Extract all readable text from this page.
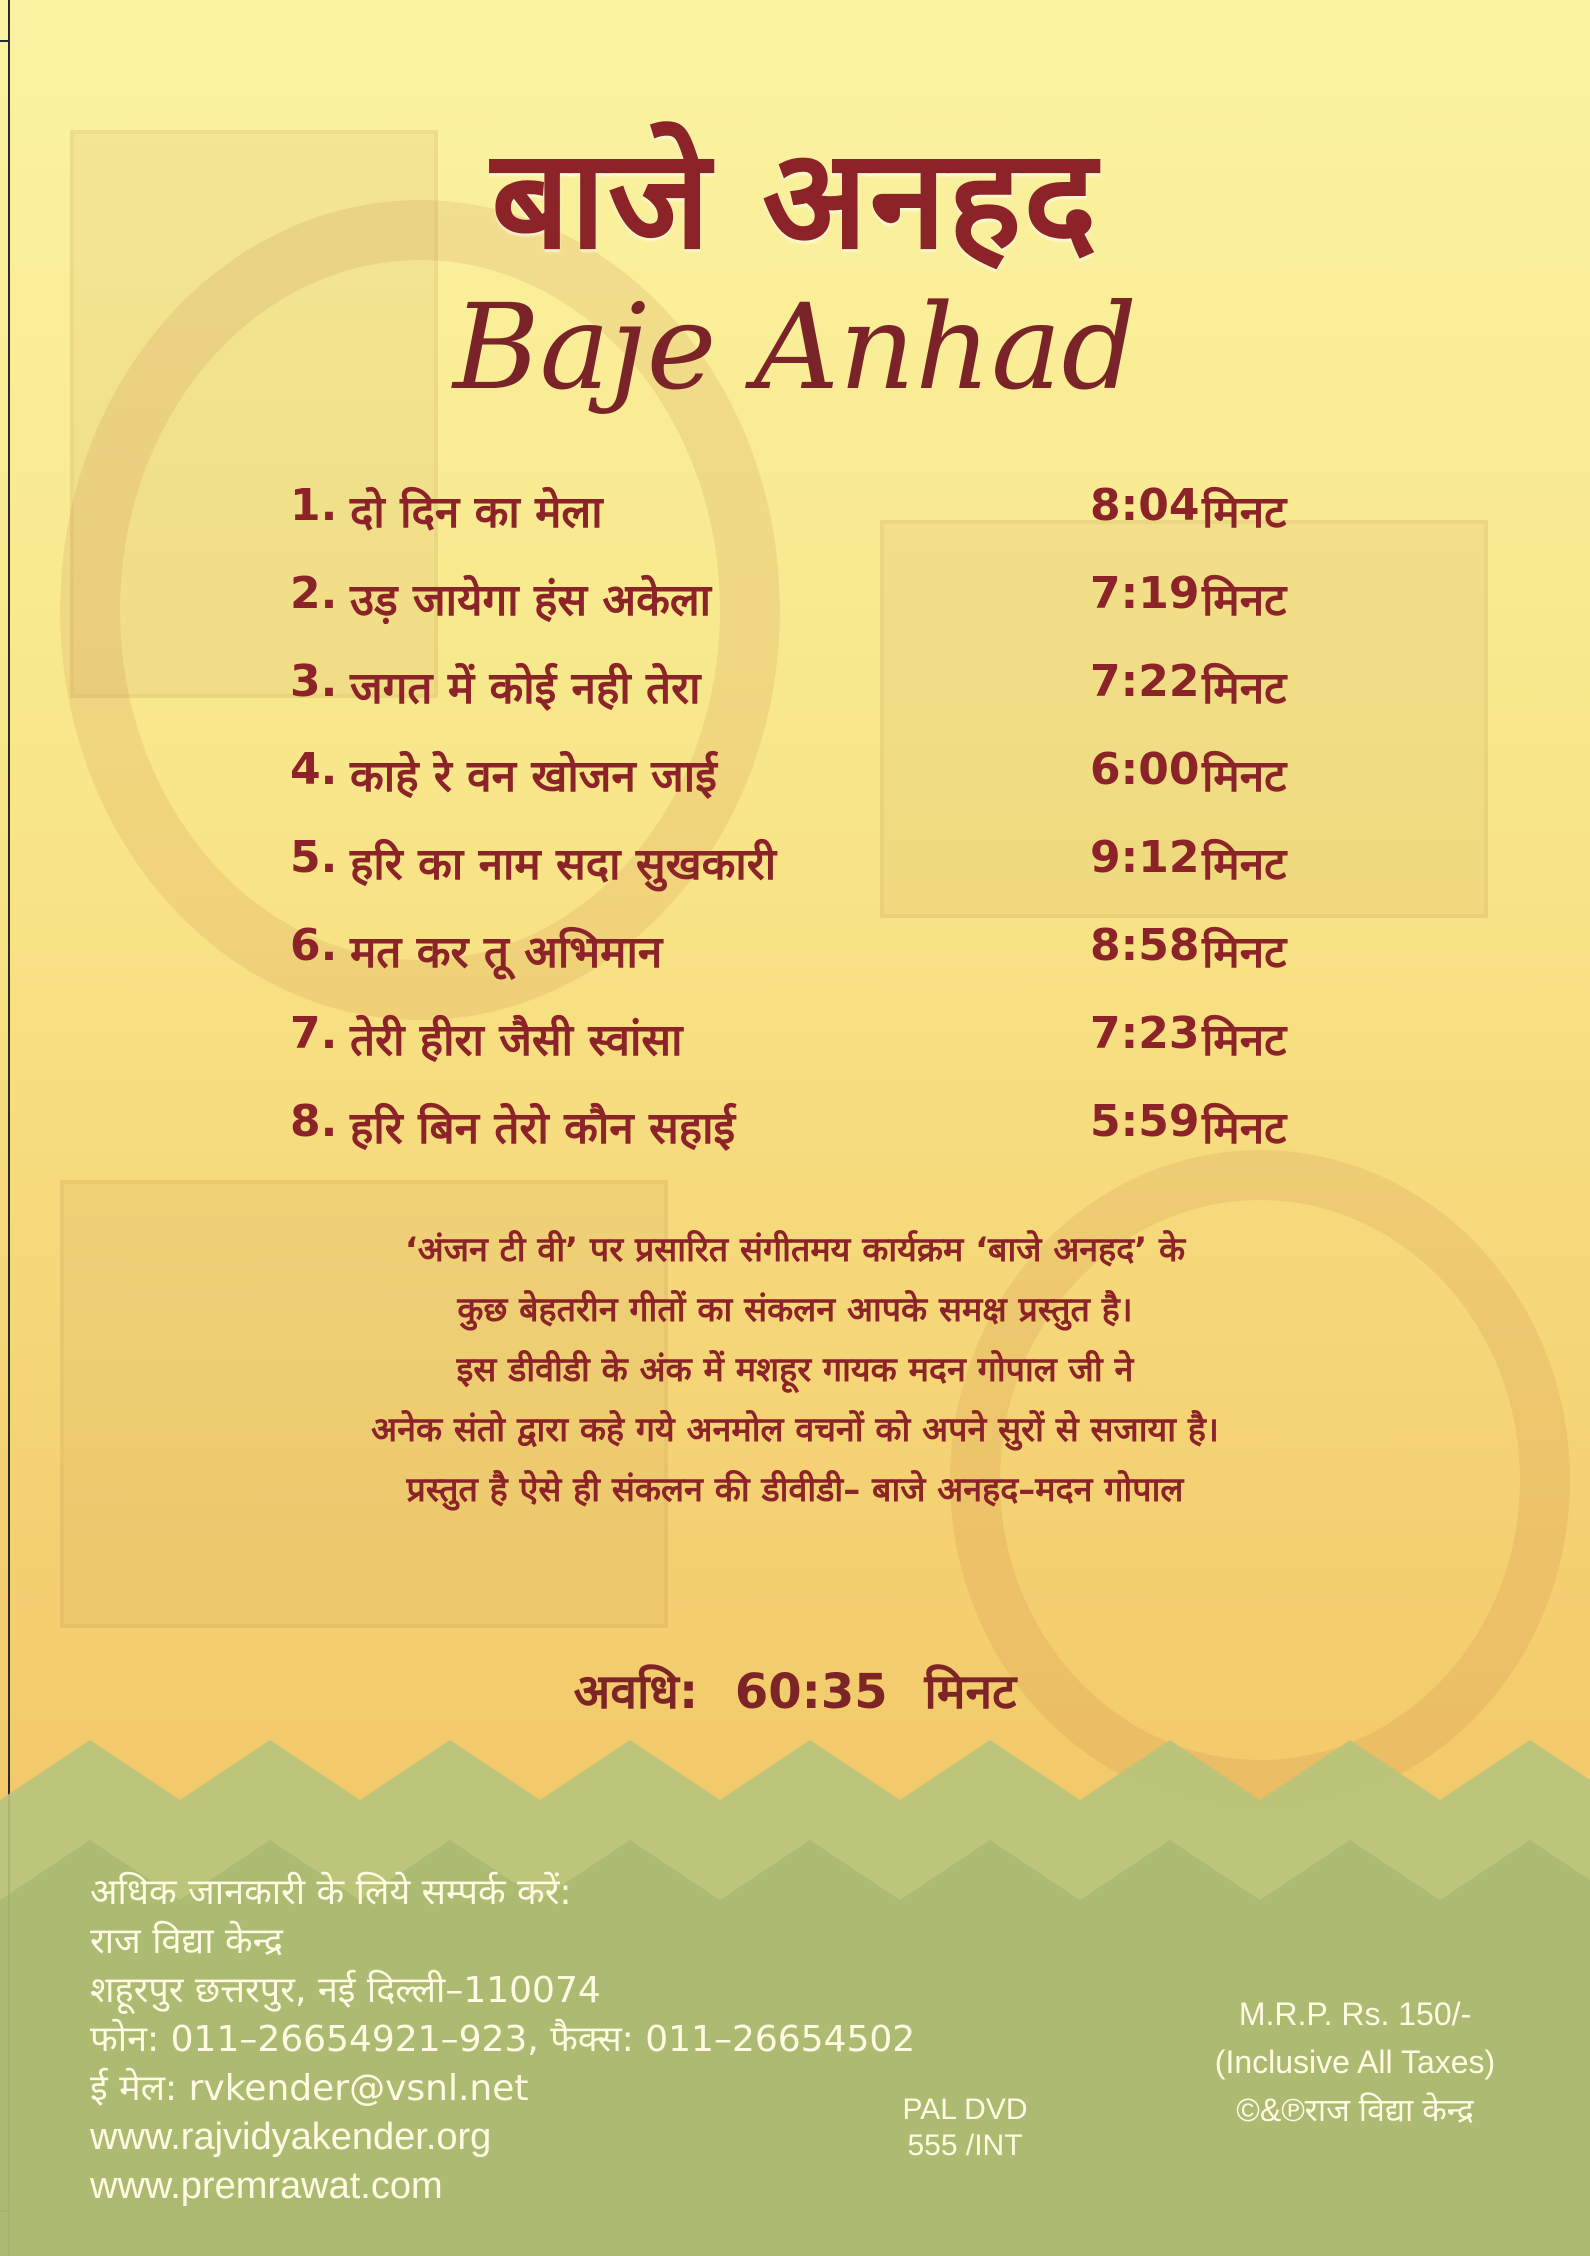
बाजे अनहद
Baje Anhad
1. दो दिन का मेला	8:04 मिनट
2. उड़ जायेगा हंस अकेला	7:19 मिनट
3. जगत में कोई नही तेरा	7:22 मिनट
4. काहे रे वन खोजन जाई	6:00 मिनट
5. हरि का नाम सदा सुखकारी	9:12 मिनट
6. मत कर तू अभिमान	8:58 मिनट
7. तेरी हीरा जैसी स्वांसा	7:23 मिनट
8. हरि बिन तेरो कौन सहाई	5:59 मिनट
‘अंजन टी वी’ पर प्रसारित संगीतमय कार्यक्रम ‘बाजे अनहद’ के
कुछ बेहतरीन गीतों का संकलन आपके समक्ष प्रस्तुत है।
इस डीवीडी के अंक में मशहूर गायक मदन गोपाल जी ने
अनेक संतो द्वारा कहे गये अनमोल वचनों को अपने सुरों से सजाया है।
प्रस्तुत है ऐसे ही संकलन की डीवीडी– बाजे अनहद–मदन गोपाल
अवधि: 60:35 मिनट
अधिक जानकारी के लिये सम्पर्क करें:
राज विद्या केन्द्र
शहूरपुर छत्तरपुर, नई दिल्ली–110074
फोन: 011–26654921–923, फैक्स: 011–26654502
ई मेल: rvkender@vsnl.net
www.rajvidyakender.org
www.premrawat.com
PAL DVD
555 /INT
M.R.P. Rs. 150/-
(Inclusive All Taxes)
©&℗राज विद्या केन्द्र
